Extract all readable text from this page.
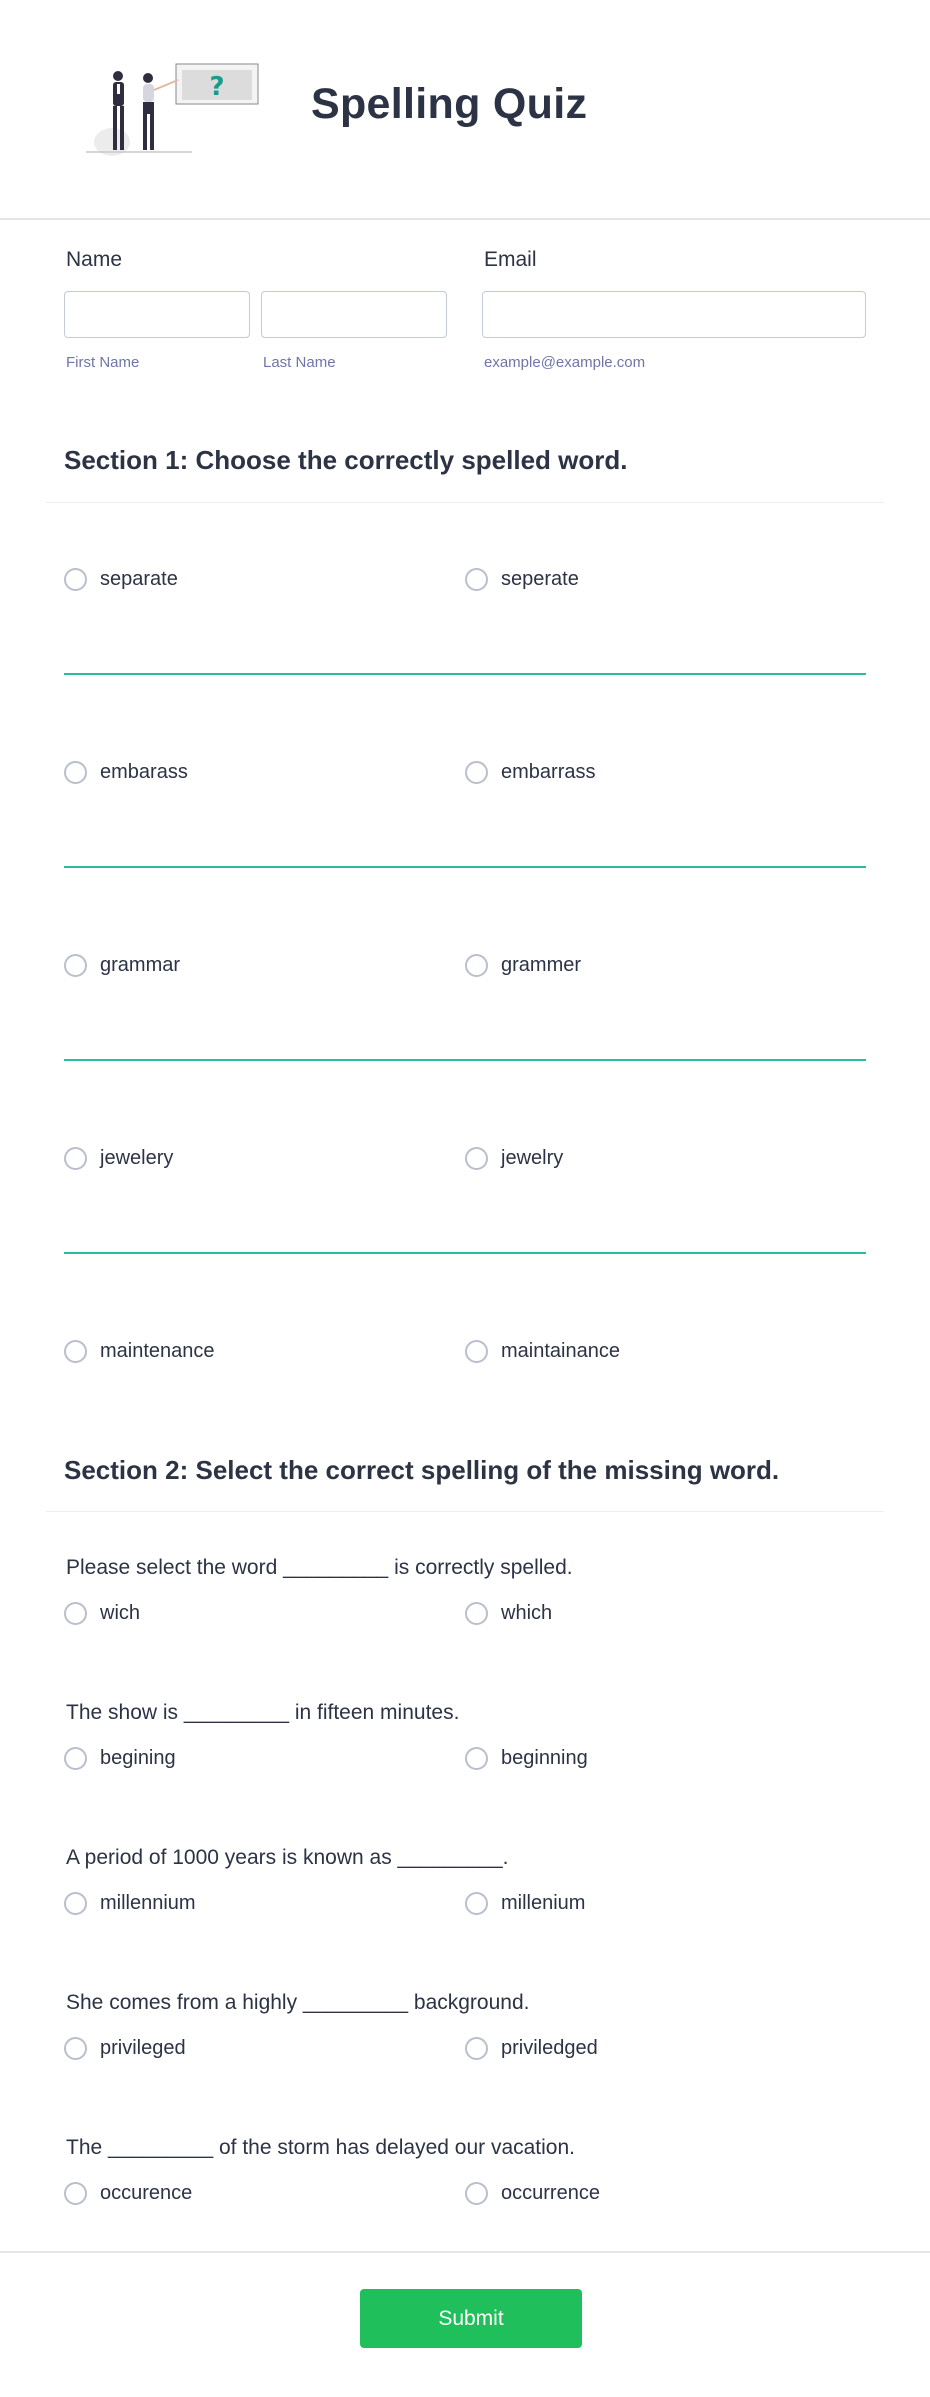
? Spelling Quiz
Name
First Name	Last Name
Email
example@example.com
Section 1: Choose the correctly spelled word.
separate	seperate
embarass	embarrass
grammar	grammer
jewelery	jewelry
maintenance	maintainance
Section 2: Select the correct spelling of the missing word.
Please select the word _________ is correctly spelled.
wich	which
The show is _________ in fifteen minutes.
begining	beginning
A period of 1000 years is known as _________.
millennium	millenium
She comes from a highly _________ background.
privileged	priviledged
The _________ of the storm has delayed our vacation.
occurence	occurrence
Submit
